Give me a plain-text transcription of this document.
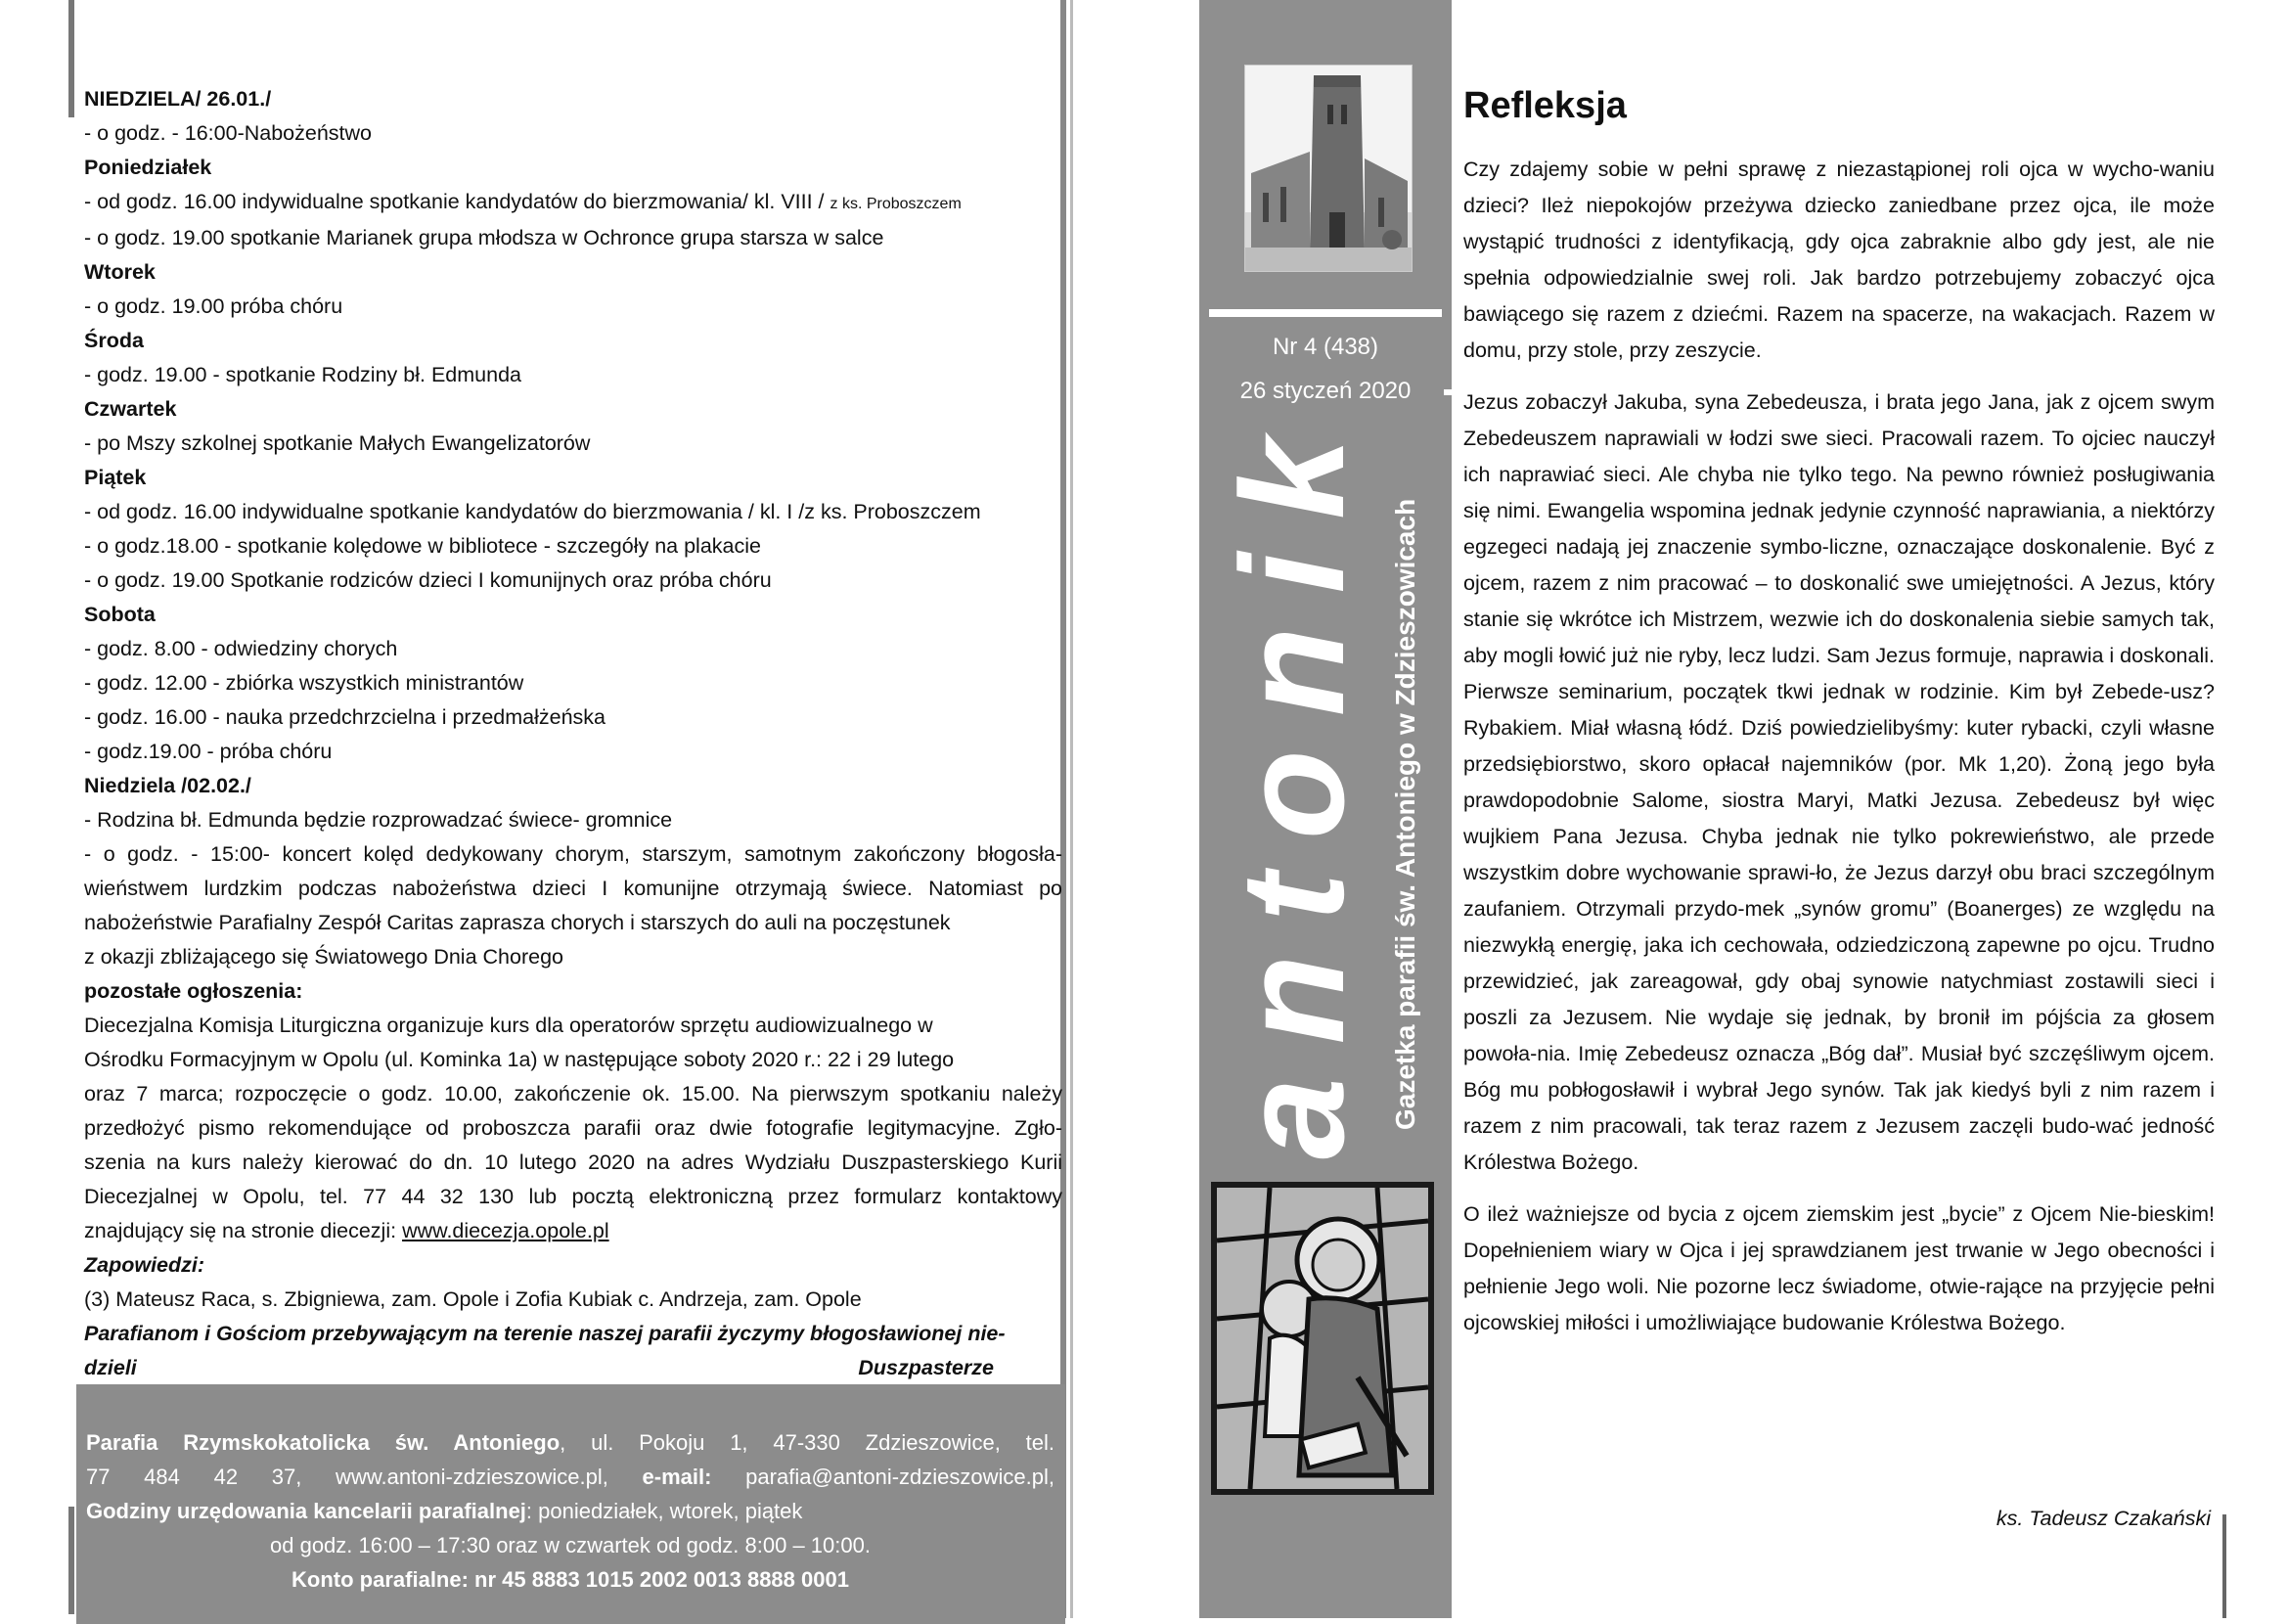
NIEDZIELA/ 26.01./
- o godz. - 16:00-Nabożeństwo
Poniedziałek
- od godz. 16.00 indywidualne spotkanie kandydatów do bierzmowania/ kl. VIII / z ks. Proboszczem
- o godz. 19.00 spotkanie Marianek grupa młodsza w Ochronce grupa starsza w salce
Wtorek
- o godz. 19.00 próba chóru
Środa
- godz. 19.00 - spotkanie Rodziny bł. Edmunda
Czwartek
- po Mszy szkolnej spotkanie Małych Ewangelizatorów
Piątek
- od godz. 16.00 indywidualne spotkanie kandydatów do bierzmowania / kl. I /z ks. Proboszczem
- o godz.18.00 - spotkanie kolędowe w bibliotece - szczegóły na plakacie
- o godz. 19.00 Spotkanie rodziców dzieci I komunijnych oraz próba chóru
Sobota
- godz. 8.00 - odwiedziny chorych
- godz. 12.00 - zbiórka wszystkich ministrantów
- godz. 16.00 - nauka przedchrzcielna i przedmałżeńska
- godz.19.00 - próba chóru
Niedziela /02.02./
- Rodzina bł. Edmunda będzie rozprowadzać świece- gromnice
- o godz. - 15:00- koncert kolęd dedykowany chorym, starszym, samotnym zakończony błogosła-
wieństwem lurdzkim podczas nabożeństwa dzieci I komunijne otrzymają świece. Natomiast po
nabożeństwie Parafialny Zespół Caritas zaprasza chorych i starszych do auli na poczęstunek
z okazji zbliżającego się Światowego Dnia Chorego
pozostałe ogłoszenia:
Diecezjalna Komisja Liturgiczna organizuje kurs dla operatorów sprzętu audiowizualnego w
Ośrodku Formacyjnym w Opolu (ul. Kominka 1a) w następujące soboty 2020 r.: 22 i 29 lutego
oraz 7 marca; rozpoczęcie o godz. 10.00, zakończenie ok. 15.00. Na pierwszym spotkaniu należy
przedłożyć pismo rekomendujące od proboszcza parafii oraz dwie fotografie legitymacyjne. Zgło-
szenia na kurs należy kierować do dn. 10 lutego 2020 na adres Wydziału Duszpasterskiego Kurii
Diecezjalnej w Opolu, tel. 77 44 32 130 lub pocztą elektroniczną przez formularz kontaktowy
znajdujący się na stronie diecezji: www.diecezja.opole.pl
Zapowiedzi:
(3) Mateusz Raca, s. Zbigniewa, zam. Opole i Zofia Kubiak c. Andrzeja, zam. Opole
Parafianom i Gościom przebywającym na terenie naszej parafii życzymy błogosławionej nie-
dzieli	Duszpasterze
Parafia Rzymskokatolicka św. Antoniego, ul. Pokoju 1, 47-330 Zdzieszowice, tel.
77 484 42 37, www.antoni-zdzieszowice.pl, e-mail: parafia@antoni-zdzieszowice.pl,
Godziny urzędowania kancelarii parafialnej: poniedziałek, wtorek, piątek
od godz. 16:00 – 17:30 oraz w czwartek od godz. 8:00 – 10:00.
Konto parafialne: nr 45 8883 1015 2002 0013 8888 0001
Nr 4 (438)
26 styczeń 2020
antonik Gazetka parafii św. Antoniego w Zdzieszowicach
Refleksja

Czy zdajemy sobie w pełni sprawę z niezastąpionej roli ojca w wycho-waniu dzieci? Ileż niepokojów przeżywa dziecko zaniedbane przez ojca, ile może wystąpić trudności z identyfikacją, gdy ojca zabraknie albo gdy jest, ale nie spełnia odpowiedzialnie swej roli. Jak bardzo potrzebujemy zobaczyć ojca bawiącego się razem z dziećmi. Razem na spacerze, na wakacjach. Razem w domu, przy stole, przy zeszycie.

Jezus zobaczył Jakuba, syna Zebedeusza, i brata jego Jana, jak z ojcem swym Zebedeuszem naprawiali w łodzi swe sieci. Pracowali razem. To ojciec nauczył ich naprawiać sieci. Ale chyba nie tylko tego. Na pewno również posługiwania się nimi. Ewangelia wspomina jednak jedynie czynność naprawiania, a niektórzy egzegeci nadają jej znaczenie symbo-liczne, oznaczające doskonalenie. Być z ojcem, razem z nim pracować – to doskonalić swe umiejętności. A Jezus, który stanie się wkrótce ich Mistrzem, wezwie ich do doskonalenia siebie samych tak, aby mogli łowić już nie ryby, lecz ludzi. Sam Jezus formuje, naprawia i doskonali. Pierwsze seminarium, początek tkwi jednak w rodzinie. Kim był Zebede-usz? Rybakiem. Miał własną łódź. Dziś powiedzielibyśmy: kuter rybacki, czyli własne przedsiębiorstwo, skoro opłacał najemników (por. Mk 1,20). Żoną jego była prawdopodobnie Salome, siostra Maryi, Matki Jezusa. Zebedeusz był więc wujkiem Pana Jezusa. Chyba jednak nie tylko pokrewieństwo, ale przede wszystkim dobre wychowanie sprawi-ło, że Jezus darzył obu braci szczególnym zaufaniem. Otrzymali przydo-mek „synów gromu” (Boanerges) ze względu na niezwykłą energię, jaka ich cechowała, odziedziczoną zapewne po ojcu. Trudno przewidzieć, jak zareagował, gdy obaj synowie natychmiast zostawili sieci i poszli za Jezusem. Nie wydaje się jednak, by bronił im pójścia za głosem powoła-nia. Imię Zebedeusz oznacza „Bóg dał”. Musiał być szczęśliwym ojcem. Bóg mu pobłogosławił i wybrał Jego synów. Tak jak kiedyś byli z nim razem i razem z nim pracowali, tak teraz razem z Jezusem zaczęli budo-wać jedność Królestwa Bożego.

O ileż ważniejsze od bycia z ojcem ziemskim jest „bycie” z Ojcem Nie-bieskim! Dopełnieniem wiary w Ojca i jej sprawdzianem jest trwanie w Jego obecności i pełnienie Jego woli. Nie pozorne lecz świadome, otwie-rające na przyjęcie pełni ojcowskiej miłości i umożliwiające budowanie Królestwa Bożego.

ks. Tadeusz Czakański
